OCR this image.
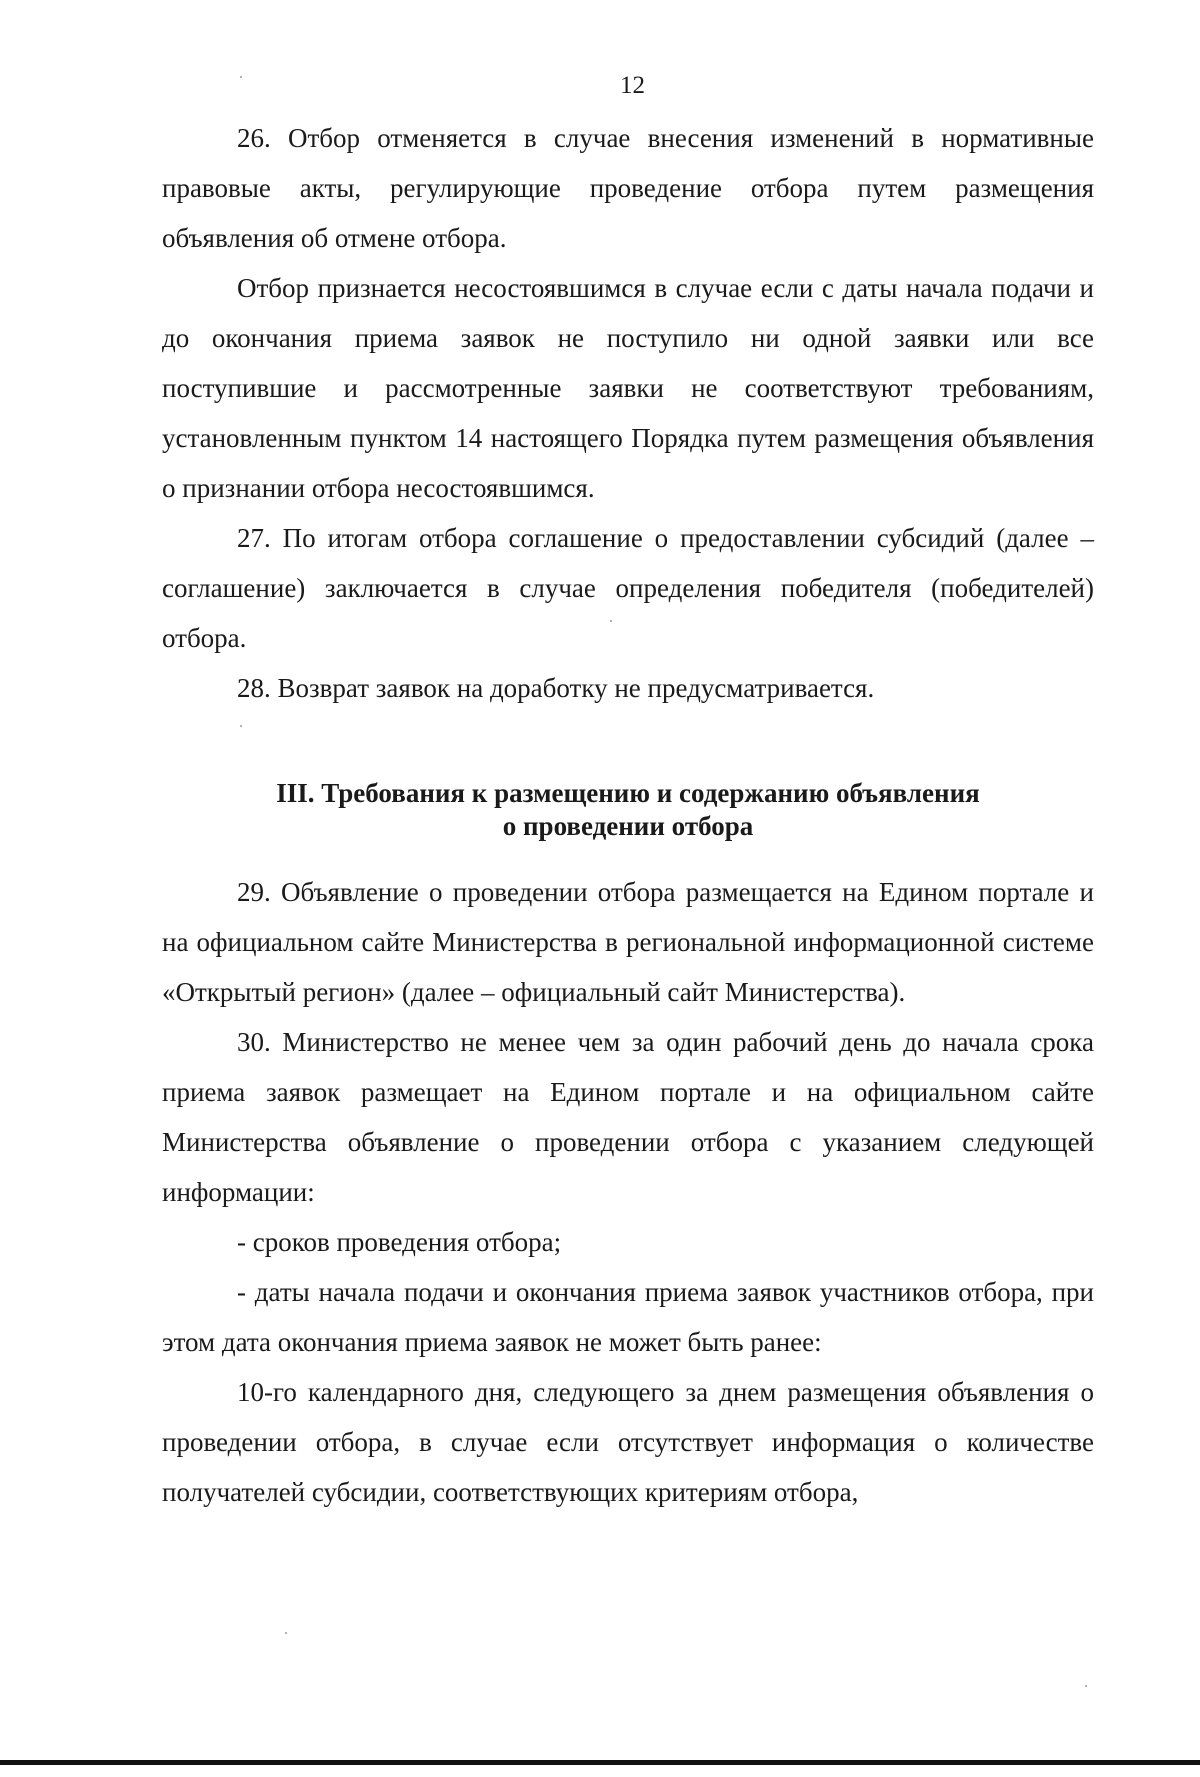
12

26. Отбор отменяется в случае внесения изменений в нормативные правовые акты, регулирующие проведение отбора путем размещения объявления об отмене отбора.

Отбор признается несостоявшимся в случае если с даты начала подачи и до окончания приема заявок не поступило ни одной заявки или все поступившие и рассмотренные заявки не соответствуют требованиям, установленным пунктом 14 настоящего Порядка путем размещения объявления о признании отбора несостоявшимся.

27. По итогам отбора соглашение о предоставлении субсидий (далее – соглашение) заключается в случае определения победителя (победителей) отбора.

28. Возврат заявок на доработку не предусматривается.

III. Требования к размещению и содержанию объявления
о проведении отбора

29. Объявление о проведении отбора размещается на Едином портале и на официальном сайте Министерства в региональной информационной системе «Открытый регион» (далее – официальный сайт Министерства).

30. Министерство не менее чем за один рабочий день до начала срока приема заявок размещает на Едином портале и на официальном сайте Министерства объявление о проведении отбора с указанием следующей информации:

- сроков проведения отбора;

- даты начала подачи и окончания приема заявок участников отбора, при этом дата окончания приема заявок не может быть ранее:

10-го календарного дня, следующего за днем размещения объявления о проведении отбора, в случае если отсутствует информация о количестве получателей субсидии, соответствующих критериям отбора,
